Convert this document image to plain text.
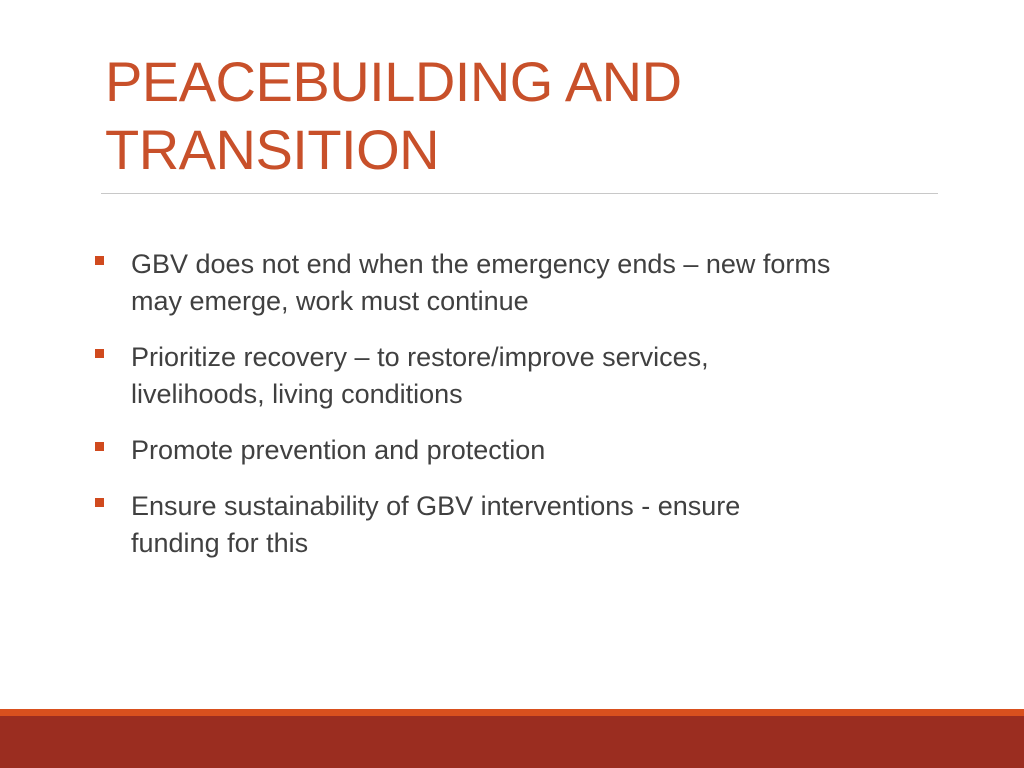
PEACEBUILDING AND
TRANSITION
GBV does not end when the emergency ends – new forms
may emerge, work must continue
Prioritize recovery – to restore/improve services,
livelihoods, living conditions
Promote prevention and protection
Ensure sustainability of GBV interventions - ensure
funding for this
